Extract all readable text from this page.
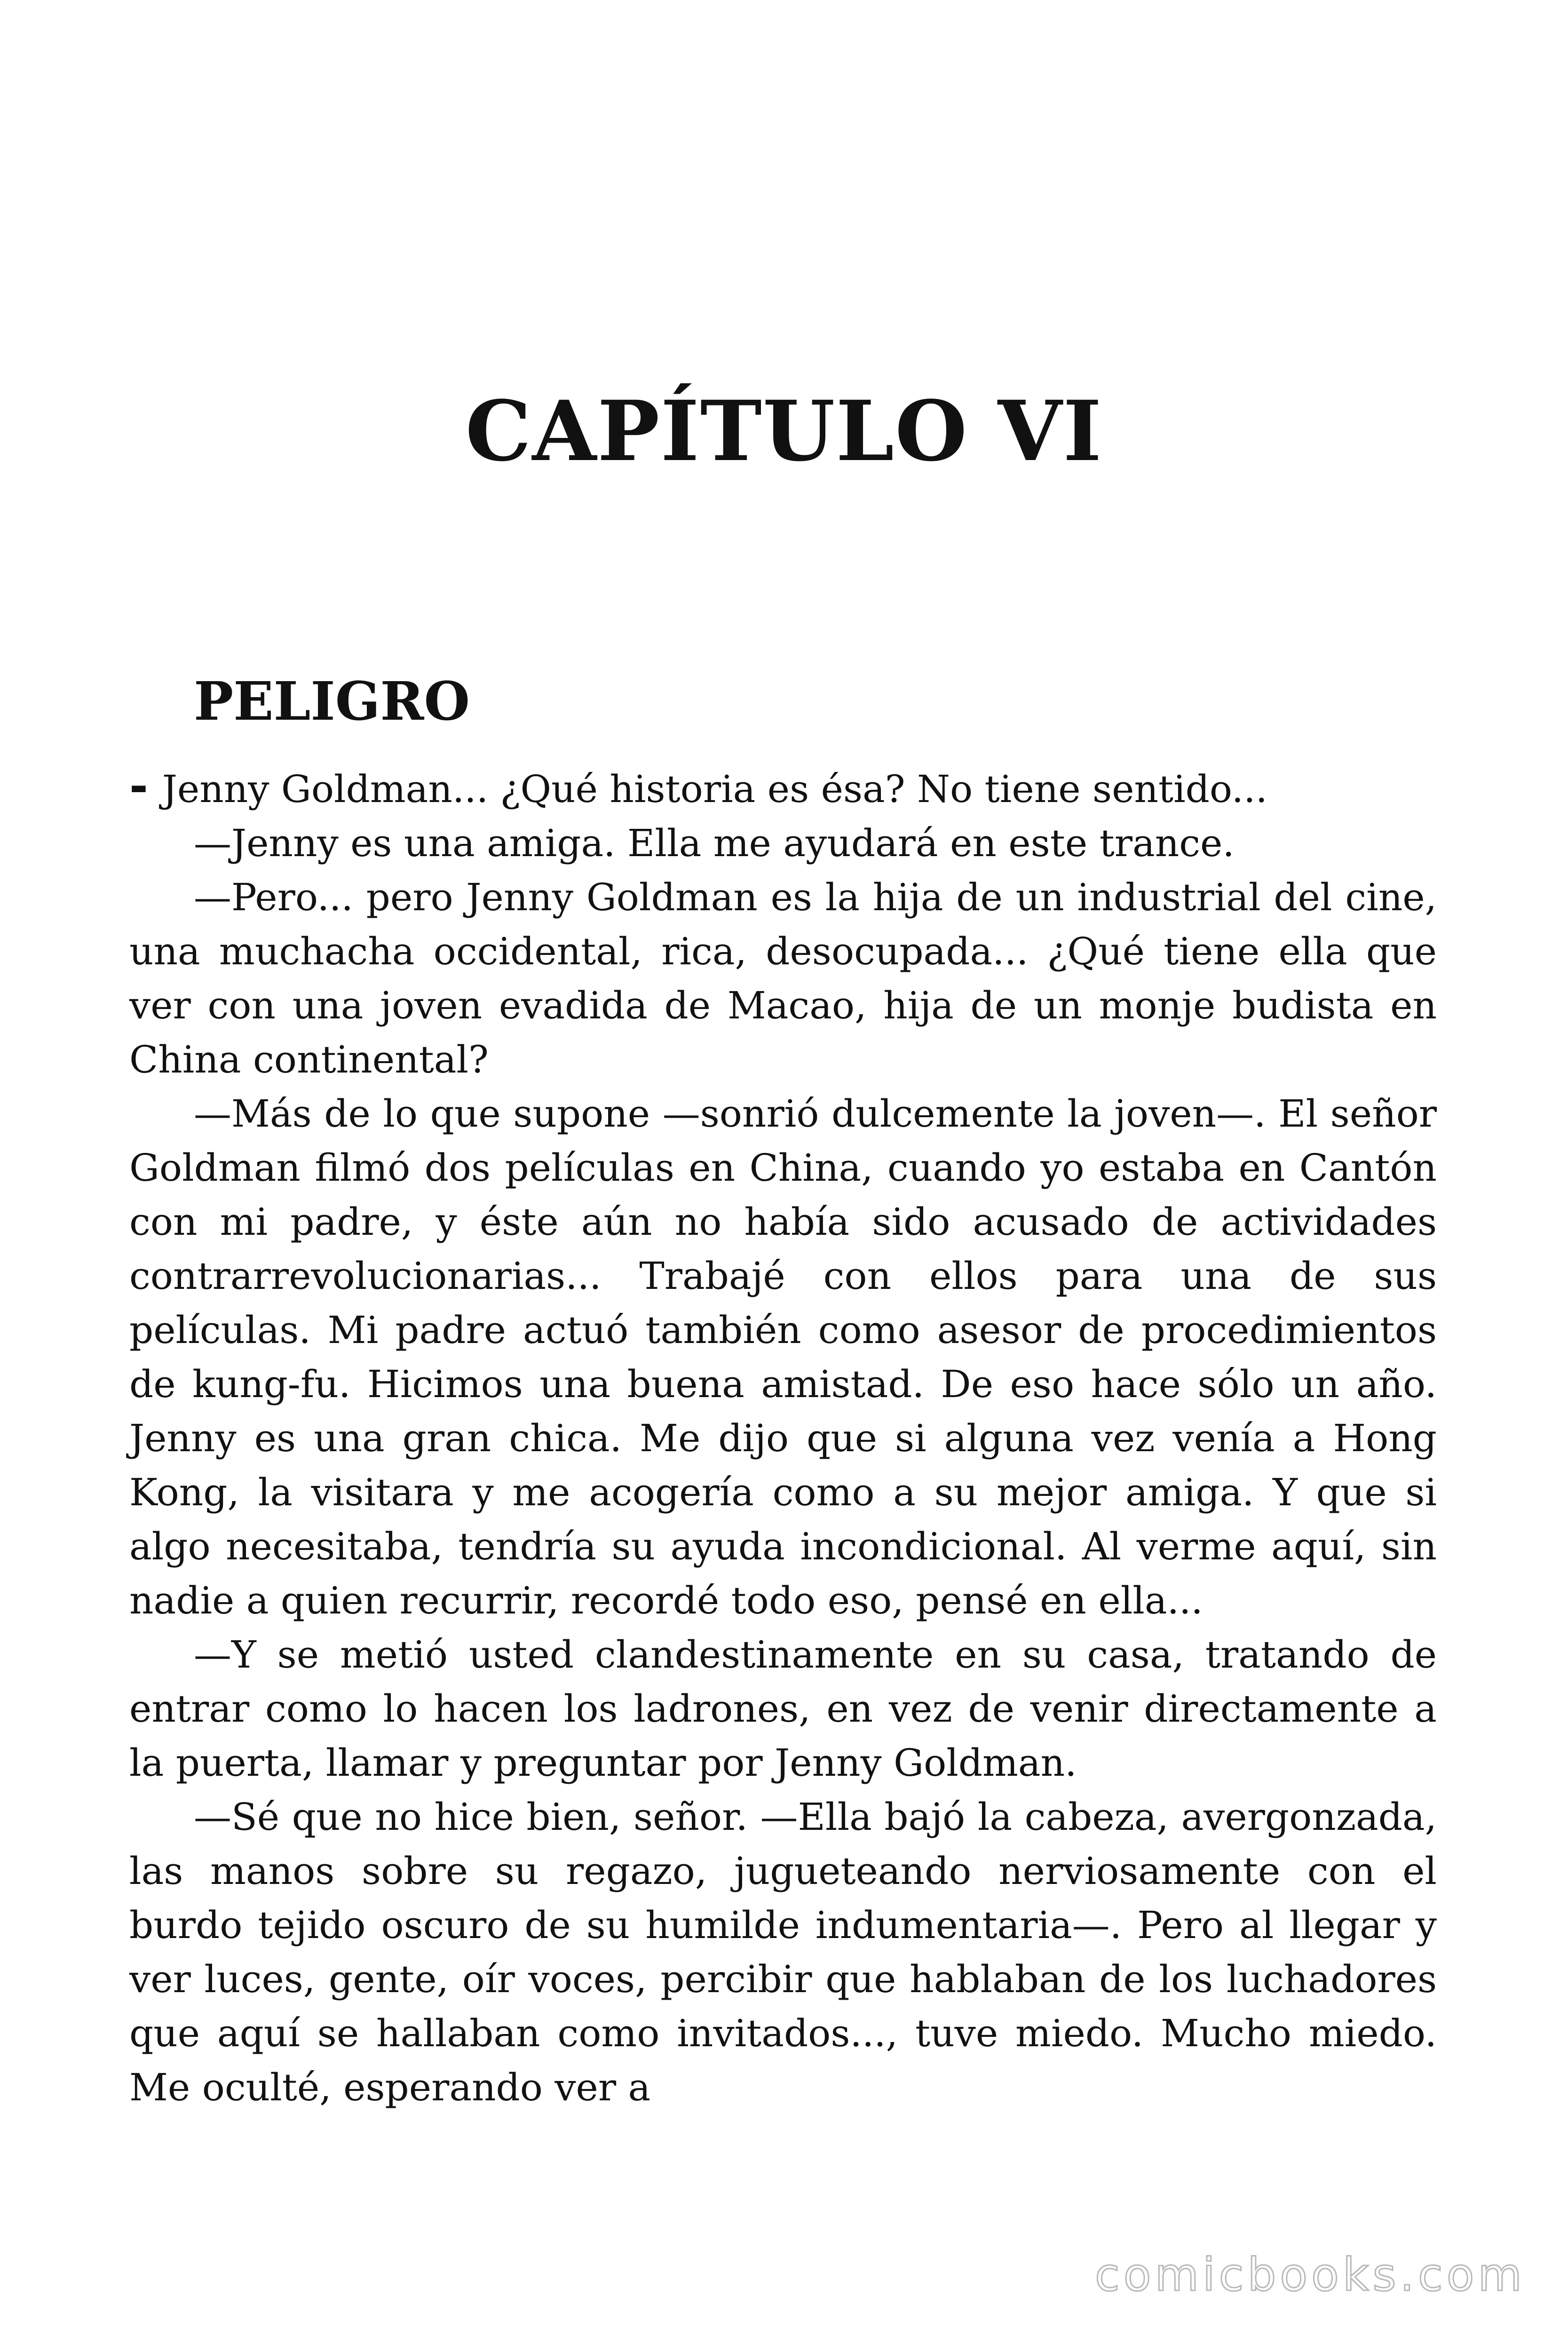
CAPÍTULO VI
PELIGRO

- Jenny Goldman... ¿Qué historia es ésa? No tiene sentido...

—Jenny es una amiga. Ella me ayudará en este trance.

—Pero... pero Jenny Goldman es la hija de un industrial del cine, una muchacha occidental, rica, desocupada... ¿Qué tiene ella que ver con una joven evadida de Macao, hija de un monje budista en China continental?

—Más de lo que supone —sonrió dulcemente la joven—. El señor Goldman filmó dos películas en China, cuando yo estaba en Cantón con mi padre, y éste aún no había sido acusado de actividades contrarrevolucionarias... Trabajé con ellos para una de sus películas. Mi padre actuó también como asesor de procedimientos de kung-fu. Hicimos una buena amistad. De eso hace sólo un año. Jenny es una gran chica. Me dijo que si alguna vez venía a Hong Kong, la visitara y me acogería como a su mejor amiga. Y que si algo necesitaba, tendría su ayuda incondicional. Al verme aquí, sin nadie a quien recurrir, recordé todo eso, pensé en ella...

—Y se metió usted clandestinamente en su casa, tratando de entrar como lo hacen los ladrones, en vez de venir directamente a la puerta, llamar y preguntar por Jenny Goldman.

—Sé que no hice bien, señor. —Ella bajó la cabeza, avergonzada, las manos sobre su regazo, jugueteando nerviosamente con el burdo tejido oscuro de su humilde indumentaria—. Pero al llegar y ver luces, gente, oír voces, percibir que hablaban de los luchadores que aquí se hallaban como invitados..., tuve miedo. Mucho miedo. Me oculté, esperando ver a

comicbooks.com
